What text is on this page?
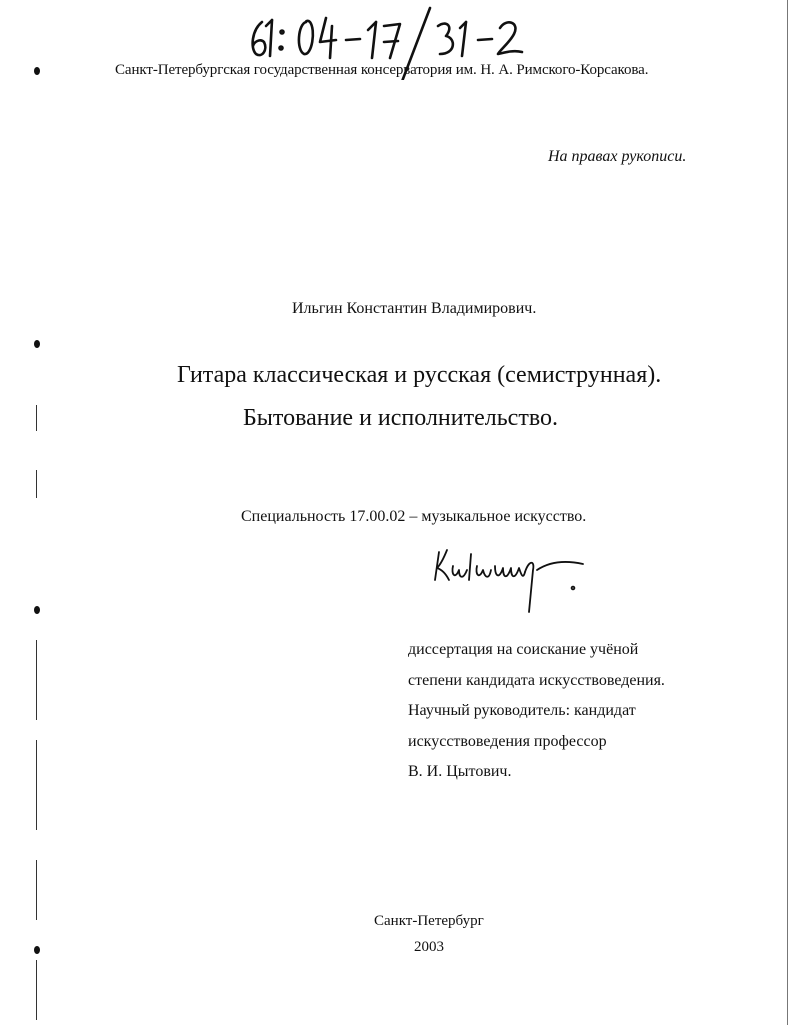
Санкт-Петербургская государственная консерватория им. Н. А. Римского-Корсакова.

На правах рукописи.

Ильгин Константин Владимирович.

Гитара классическая и русская (семиструнная).
Бытование и исполнительство.

Специальность 17.00.02 – музыкальное искусство.

диссертация на соискание учёной

степени кандидата искусствоведения.

Научный руководитель: кандидат

искусствоведения профессор

В. И. Цытович.

Санкт-Петербург

2003
